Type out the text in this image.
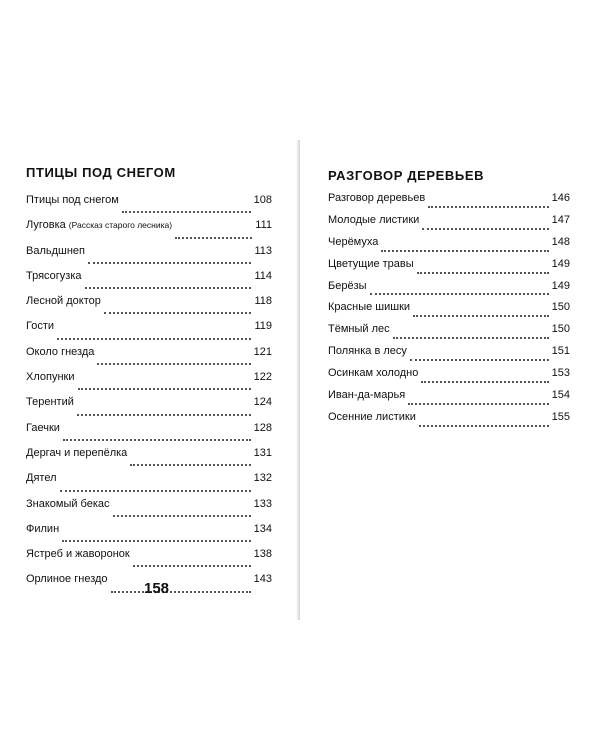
ПТИЦЫ ПОД СНЕГОМ
Птицы под снегом	108
Луговка (Рассказ старого лесника)	111
Вальдшнеп	113
Трясогузка	114
Лесной доктор	118
Гости	119
Около гнезда	121
Хлопунки	122
Терентий	124
Гаечки	128
Дергач и перепёлка	131
Дятел	132
Знакомый бекас	133
Филин	134
Ястреб и жаворонок	138
Орлиное гнездо	143
158
РАЗГОВОР ДЕРЕВЬЕВ
Разговор деревьев	146
Молодые листики	147
Черёмуха	148
Цветущие травы	149
Берёзы	149
Красные шишки	150
Тёмный лес	150
Полянка в лесу	151
Осинкам холодно	153
Иван-да-марья	154
Осенние листики	155
